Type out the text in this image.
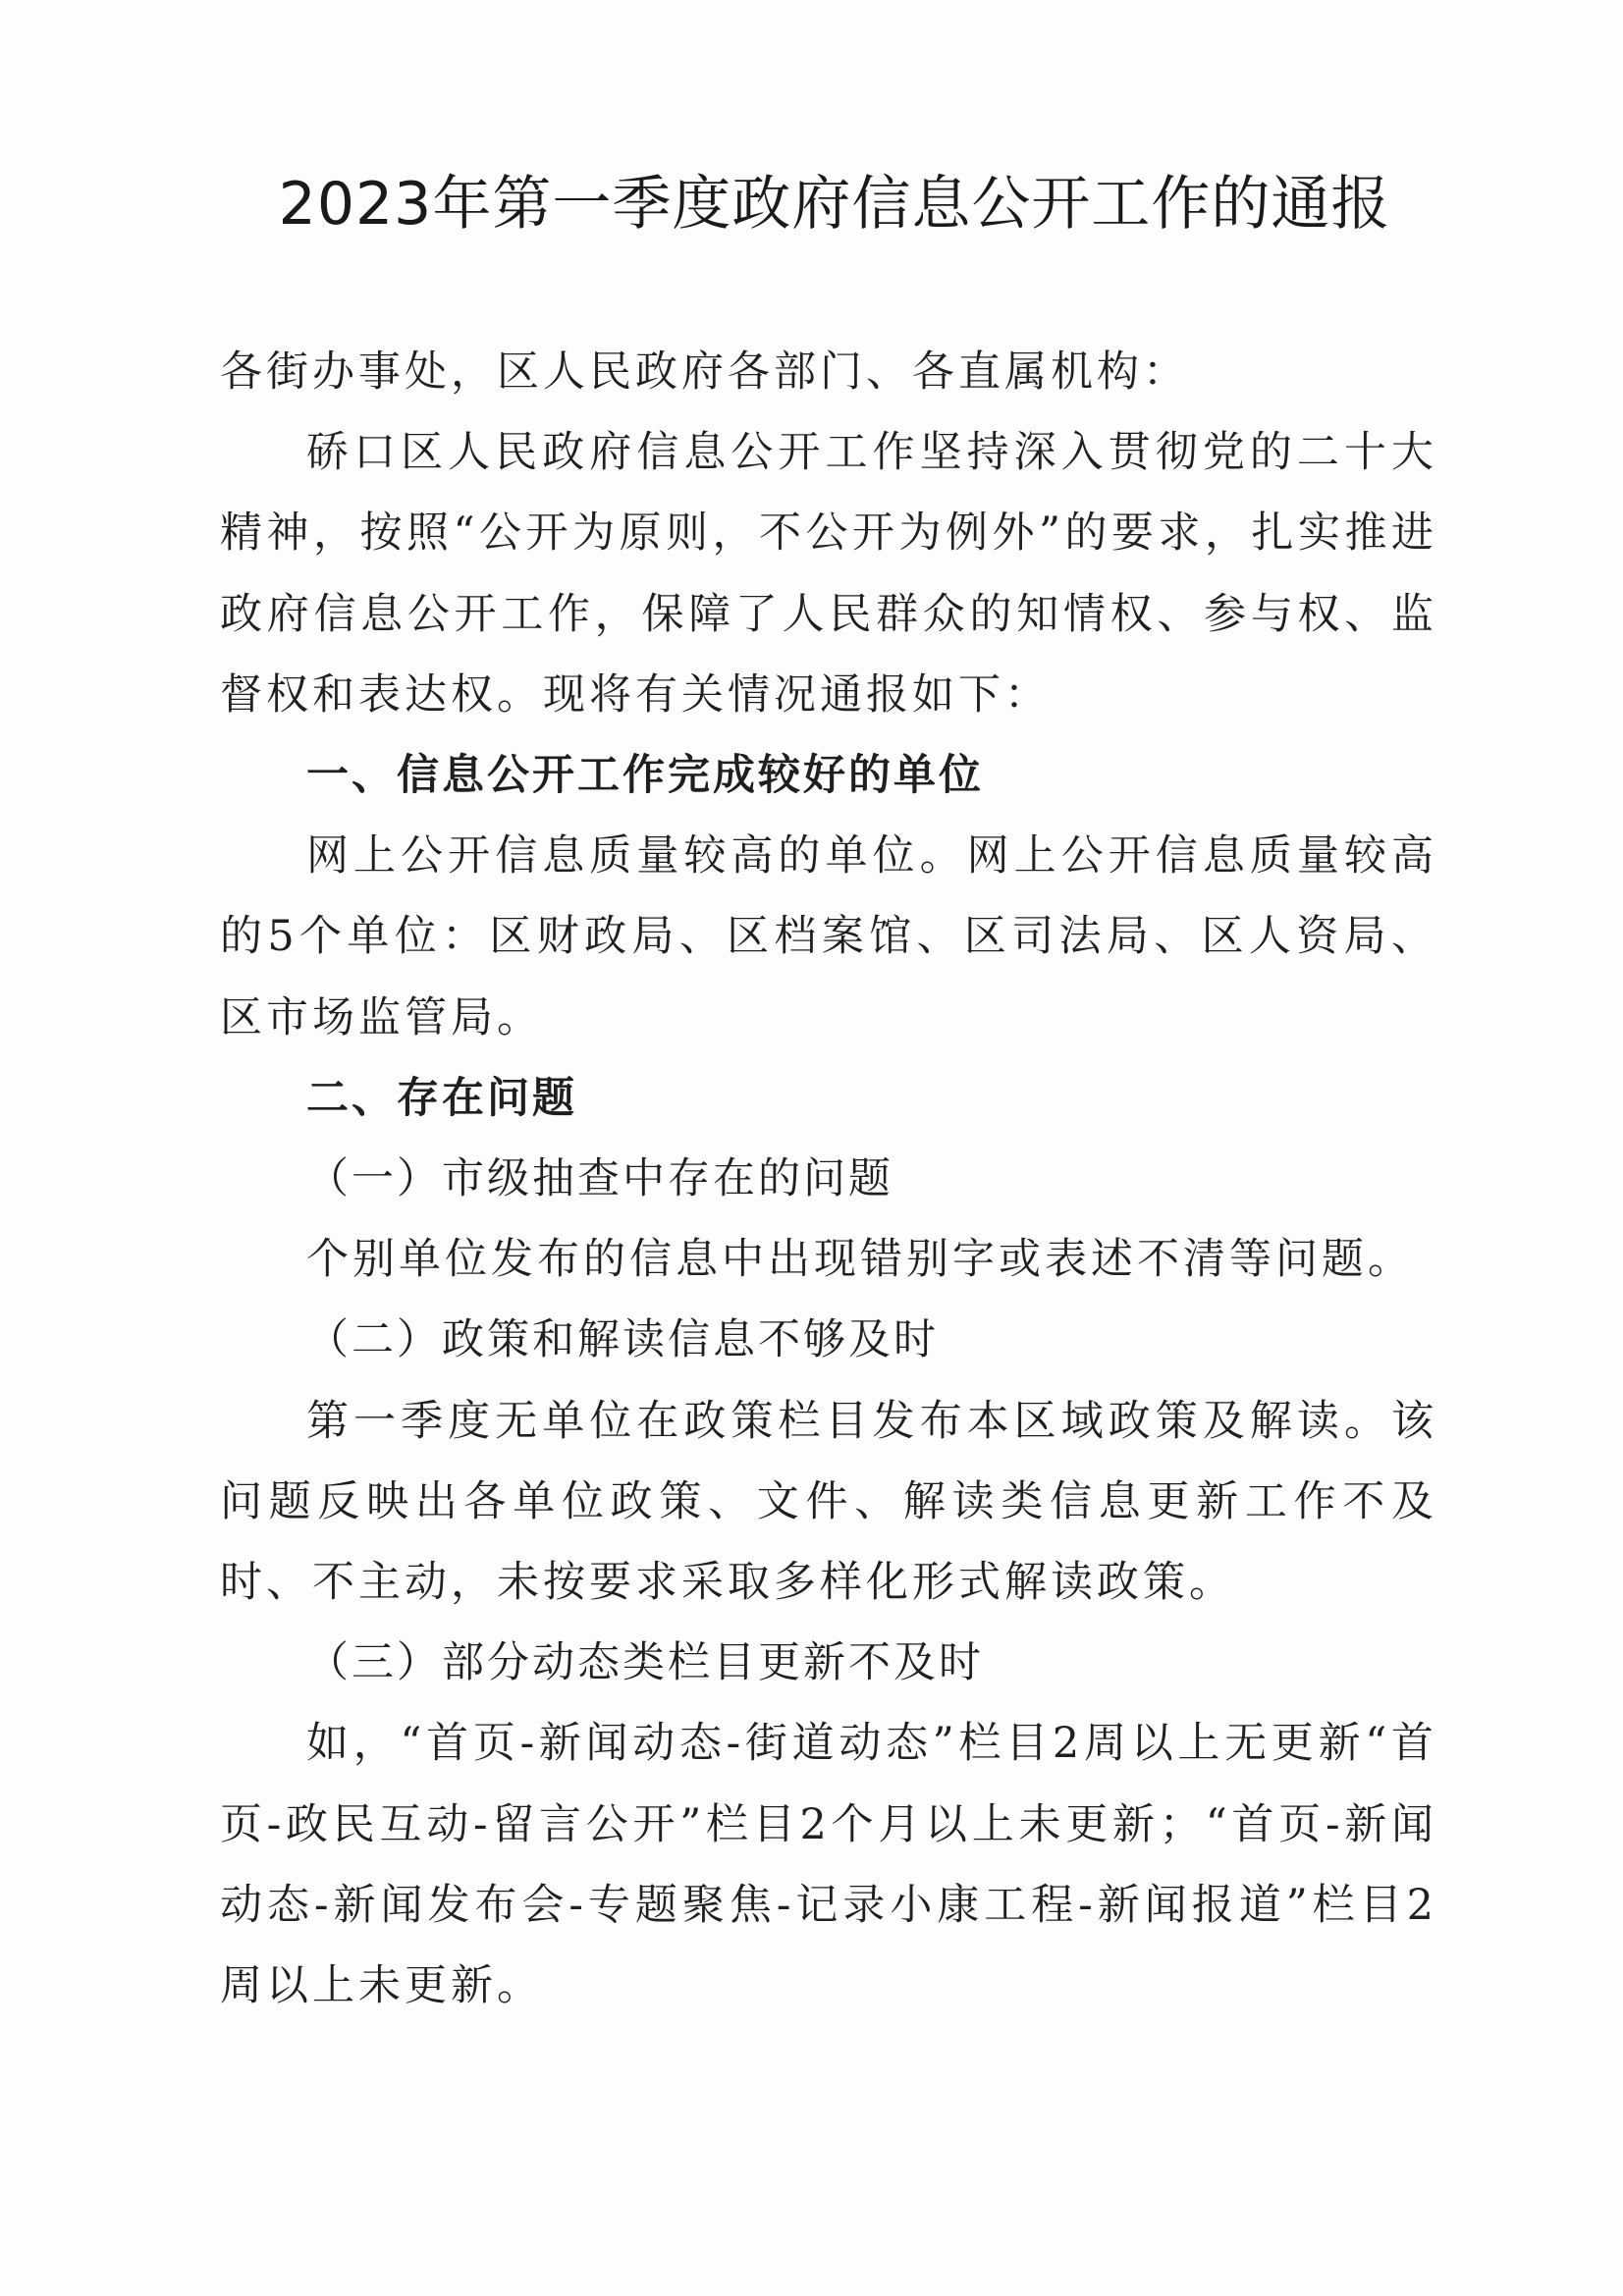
2023年第一季度政府信息公开工作的通报

各街办事处，区人民政府各部门、各直属机构：

硚口区人民政府信息公开工作坚持深入贯彻党的二十大精神，按照“公开为原则，不公开为例外”的要求，扎实推进政府信息公开工作，保障了人民群众的知情权、参与权、监督权和表达权。现将有关情况通报如下：

一、信息公开工作完成较好的单位

网上公开信息质量较高的单位。网上公开信息质量较高的5个单位：区财政局、区档案馆、区司法局、区人资局、区市场监管局。

二、存在问题

（一）市级抽查中存在的问题

个别单位发布的信息中出现错别字或表述不清等问题。

（二）政策和解读信息不够及时

第一季度无单位在政策栏目发布本区域政策及解读。该问题反映出各单位政策、文件、解读类信息更新工作不及时、不主动，未按要求采取多样化形式解读政策。

（三）部分动态类栏目更新不及时

如，“首页-新闻动态-街道动态”栏目2周以上无更新“首页-政民互动-留言公开”栏目2个月以上未更新；“首页-新闻动态-新闻发布会-专题聚焦-记录小康工程-新闻报道”栏目2周以上未更新。
